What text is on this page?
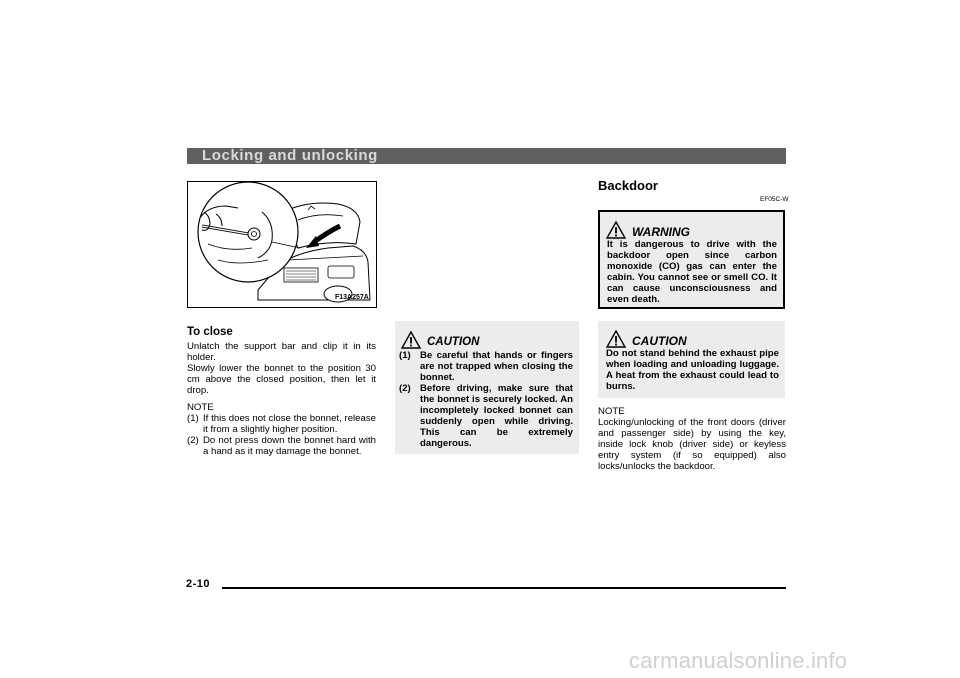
Locking and unlocking
F13A257A
To close

Unlatch the support bar and clip it in its holder.

Slowly lower the bonnet to the position 30 cm above the closed position, then let it drop.

NOTE

(1) If this does not close the bonnet, release it from a slightly higher position.
(2) Do not press down the bonnet hard with a hand as it may damage the bonnet.
CAUTION
(1) Be careful that hands or fingers are not trapped when closing the bonnet.
(2) Before driving, make sure that the bonnet is securely locked. An incompletely locked bonnet can suddenly open while driving. This can be extremely dangerous.
Backdoor
EF05C-W
WARNING

It is dangerous to drive with the backdoor open since carbon monoxide (CO) gas can enter the cabin. You cannot see or smell CO. It can cause unconsciousness and even death.

CAUTION

Do not stand behind the exhaust pipe when loading and unloading luggage. A heat from the exhaust could lead to burns.

NOTE

Locking/unlocking of the front doors (driver and passenger side) by using the key, inside lock knob (driver side) or keyless entry system (if so equipped) also locks/unlocks the backdoor.

2-10
carmanualsonline.info
